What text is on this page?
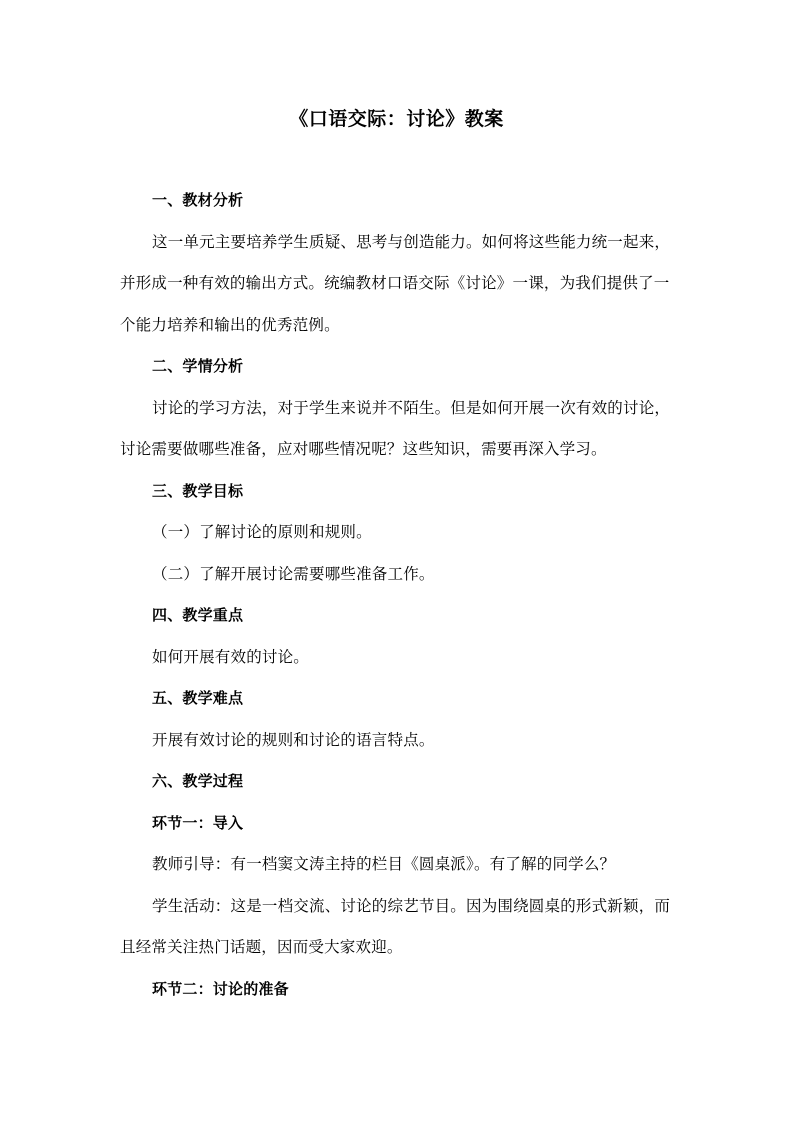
《口语交际：讨论》教案
一、教材分析
这一单元主要培养学生质疑、思考与创造能力。如何将这些能力统一起来，
并形成一种有效的输出方式。统编教材口语交际《讨论》一课，为我们提供了一
个能力培养和输出的优秀范例。
二、学情分析
讨论的学习方法，对于学生来说并不陌生。但是如何开展一次有效的讨论，
讨论需要做哪些准备，应对哪些情况呢？这些知识，需要再深入学习。
三、教学目标
（一）了解讨论的原则和规则。
（二）了解开展讨论需要哪些准备工作。
四、教学重点
如何开展有效的讨论。
五、教学难点
开展有效讨论的规则和讨论的语言特点。
六、教学过程
环节一：导入
教师引导：有一档窦文涛主持的栏目《圆桌派》。有了解的同学么？
学生活动：这是一档交流、讨论的综艺节目。因为围绕圆桌的形式新颖，而
且经常关注热门话题，因而受大家欢迎。
环节二：讨论的准备
